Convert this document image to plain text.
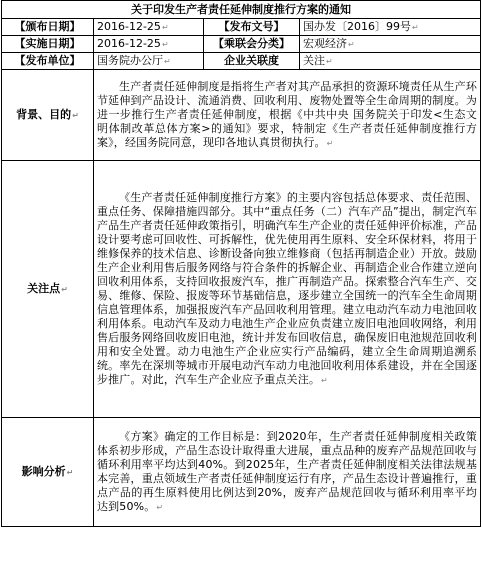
关于印发生产者责任延伸制度推行方案的通知			
【颁布日期】	2016-12-25↵	【发布文号】	国办发〔2016〕99号↵
【实施日期】	2016-12-25↵	【乘联会分类】	宏观经济↵
【发布单位】	国务院办公厅↵	企业关联度	关注↵
背景、目的↵	生产者责任延伸制度是指将生产者对其产品承担的资源环境责任从生产环节延伸到产品设计、流通消费、回收利用、废物处置等全生命周期的制度。为进一步推行生产者责任延伸制度，根据《中共中央 国务院关于印发<生态文明体制改革总体方案>的通知》要求，特制定《生产者责任延伸制度推行方案》，经国务院同意，现印各地认真贯彻执行。↵		
关注点↵	《生产者责任延伸制度推行方案》的主要内容包括总体要求、责任范围、重点任务、保障措施四部分。其中“重点任务（二）汽车产品”提出，制定汽车产品生产者责任延伸政策指引，明确汽车生产企业的责任延伸评价标准，产品设计要考虑可回收性、可拆解性，优先使用再生原料、安全环保材料，将用于维修保养的技术信息、诊断设备向独立维修商（包括再制造企业）开放。鼓励生产企业利用售后服务网络与符合条件的拆解企业、再制造企业合作建立逆向回收利用体系，支持回收报废汽车，推广再制造产品。探索整合汽车生产、交易、维修、保险、报废等环节基础信息，逐步建立全国统一的汽车全生命周期信息管理体系，加强报废汽车产品回收利用管理。建立电动汽车动力电池回收利用体系。电动汽车及动力电池生产企业应负责建立废旧电池回收网络，利用售后服务网络回收废旧电池，统计并发布回收信息，确保废旧电池规范回收利用和安全处置。动力电池生产企业应实行产品编码，建立全生命周期追溯系统。率先在深圳等城市开展电动汽车动力电池回收利用体系建设，并在全国逐步推广。对此，汽车生产企业应予重点关注。↵		
影响分析↵	《方案》确定的工作目标是：到2020年，生产者责任延伸制度相关政策体系初步形成，产品生态设计取得重大进展，重点品种的废弃产品规范回收与循环利用率平均达到40%。到2025年，生产者责任延伸制度相关法律法规基本完善，重点领域生产者责任延伸制度运行有序，产品生态设计普遍推行，重点产品的再生原料使用比例达到20%，废弃产品规范回收与循环利用率平均达到50%。↵		
